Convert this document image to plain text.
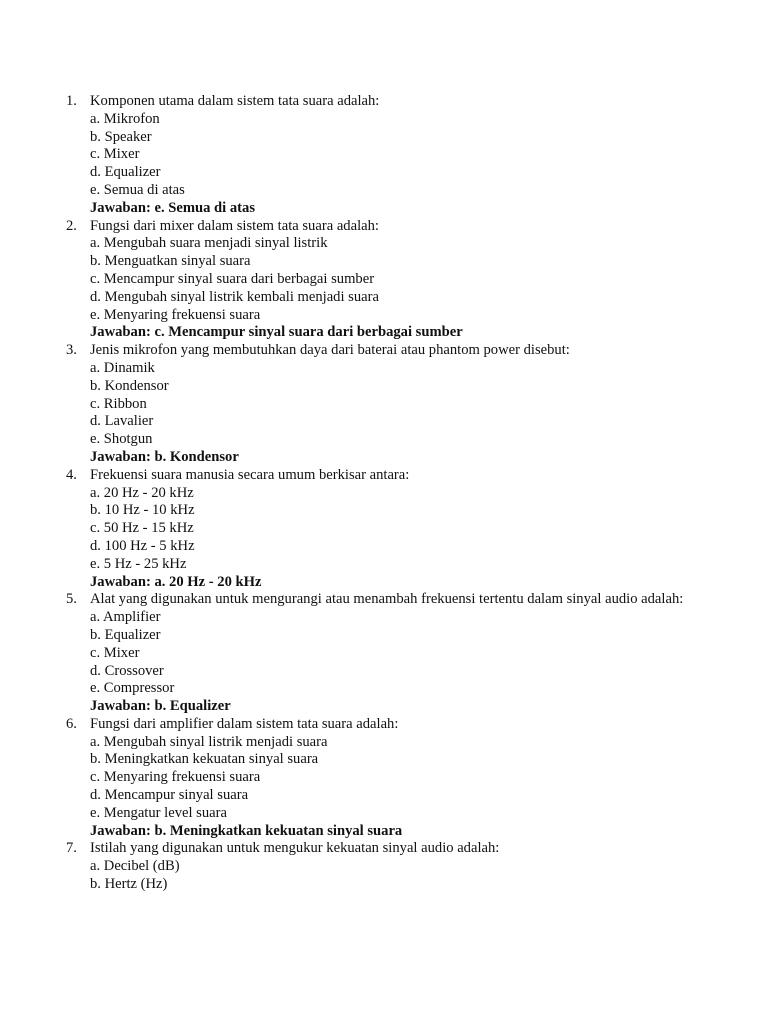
1. Komponen utama dalam sistem tata suara adalah:
a. Mikrofon
b. Speaker
c. Mixer
d. Equalizer
e. Semua di atas
Jawaban: e. Semua di atas
2. Fungsi dari mixer dalam sistem tata suara adalah:
a. Mengubah suara menjadi sinyal listrik
b. Menguatkan sinyal suara
c. Mencampur sinyal suara dari berbagai sumber
d. Mengubah sinyal listrik kembali menjadi suara
e. Menyaring frekuensi suara
Jawaban: c. Mencampur sinyal suara dari berbagai sumber
3. Jenis mikrofon yang membutuhkan daya dari baterai atau phantom power disebut:
a. Dinamik
b. Kondensor
c. Ribbon
d. Lavalier
e. Shotgun
Jawaban: b. Kondensor
4. Frekuensi suara manusia secara umum berkisar antara:
a. 20 Hz - 20 kHz
b. 10 Hz - 10 kHz
c. 50 Hz - 15 kHz
d. 100 Hz - 5 kHz
e. 5 Hz - 25 kHz
Jawaban: a. 20 Hz - 20 kHz
5. Alat yang digunakan untuk mengurangi atau menambah frekuensi tertentu dalam sinyal audio adalah:
a. Amplifier
b. Equalizer
c. Mixer
d. Crossover
e. Compressor
Jawaban: b. Equalizer
6. Fungsi dari amplifier dalam sistem tata suara adalah:
a. Mengubah sinyal listrik menjadi suara
b. Meningkatkan kekuatan sinyal suara
c. Menyaring frekuensi suara
d. Mencampur sinyal suara
e. Mengatur level suara
Jawaban: b. Meningkatkan kekuatan sinyal suara
7. Istilah yang digunakan untuk mengukur kekuatan sinyal audio adalah:
a. Decibel (dB)
b. Hertz (Hz)
